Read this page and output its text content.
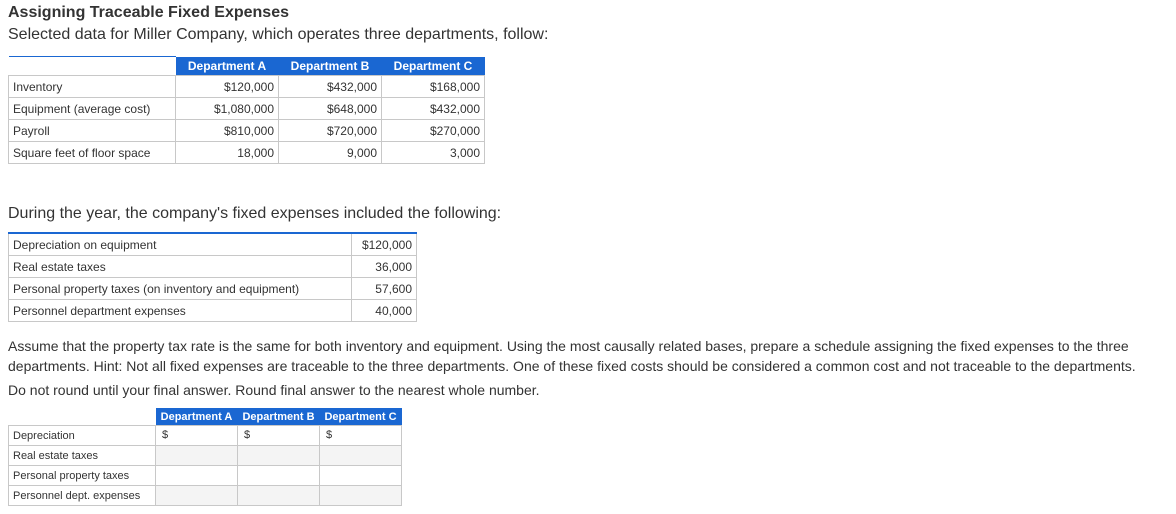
Assigning Traceable Fixed Expenses
Selected data for Miller Company, which operates three departments, follow:
	Department A	Department B	Department C
Inventory	$120,000	$432,000	$168,000
Equipment (average cost)	$1,080,000	$648,000	$432,000
Payroll	$810,000	$720,000	$270,000
Square feet of floor space	18,000	9,000	3,000
During the year, the company's fixed expenses included the following:
Depreciation on equipment	$120,000
Real estate taxes	36,000
Personal property taxes (on inventory and equipment)	57,600
Personnel department expenses	40,000
Assume that the property tax rate is the same for both inventory and equipment. Using the most causally related bases, prepare a schedule assigning the fixed expenses to the three departments. Hint: Not all fixed expenses are traceable to the three departments. One of these fixed costs should be considered a common cost and not traceable to the departments.
Do not round until your final answer. Round final answer to the nearest whole number.
	Department A	Department B	Department C
Depreciation	$	$	$

Real estate taxes			
Personal property taxes			
Personnel dept. expenses			
